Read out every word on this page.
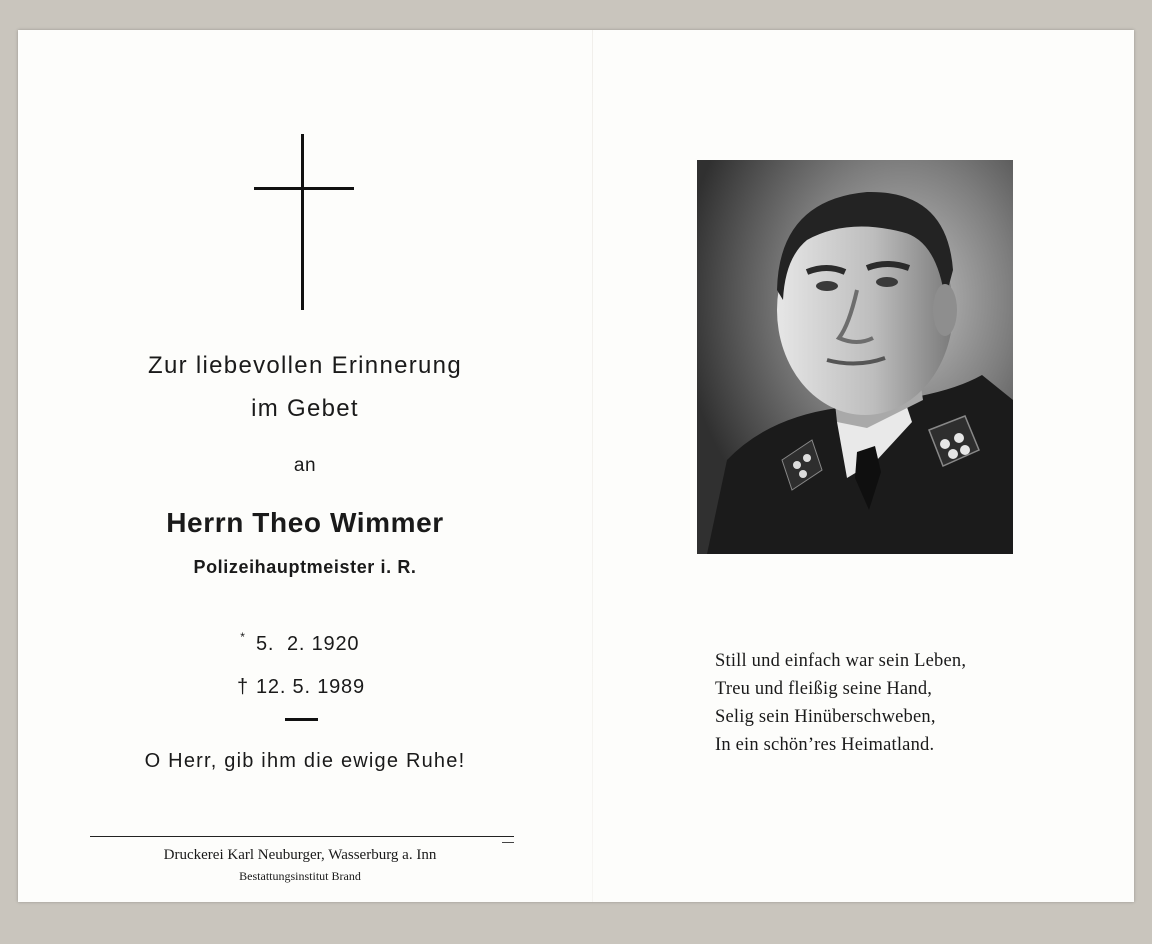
Zur liebevollen Erinnerung
im Gebet
an
Herrn Theo Wimmer
Polizeihauptmeister i. R.
* 5.  2. 1920
† 12. 5. 1989
O Herr, gib ihm die ewige Ruhe!
Druckerei Karl Neuburger, Wasserburg a. Inn
Bestattungsinstitut Brand
Still und einfach war sein Leben,
Treu und fleißig seine Hand,
Selig sein Hinüberschweben,
In ein schön’res Heimatland.
